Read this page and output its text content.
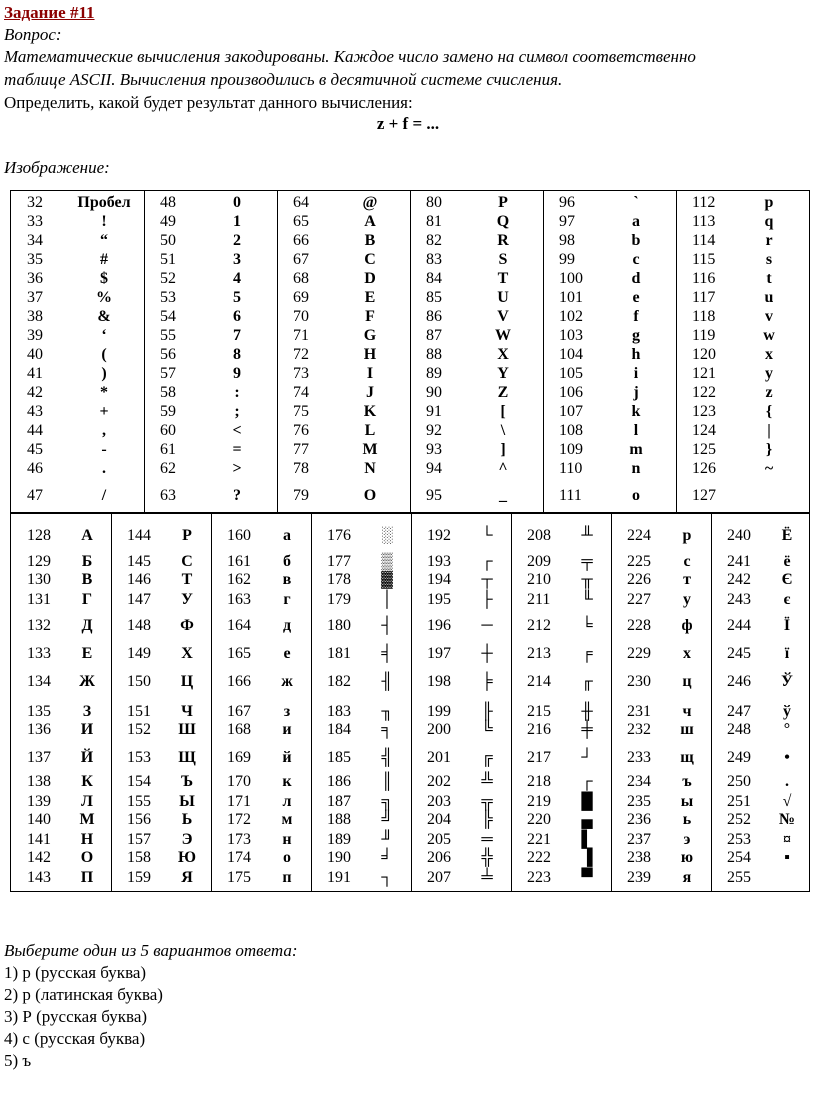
Задание #11
Вопрос:
Математические вычисления закодированы. Каждое число замено на символ соответственно
таблице ASCII. Вычисления производились в десятичной системе счисления.
Определить, какой будет результат данного вычисления:
z + f = ...
Изображение:
32 Пробел
33	!
34	“
35	#
36	$
37	%
38	&
39	‘
40	(
41	)
42	*
43	+
44	,
45	-
46	.
47	/
48	0
49	1
50	2
51	3
52	4
53	5
54	6
55	7
56	8
57	9
58	:
59	;
60	<
61	=
62	>
63	?
64	@
65	A
66	B
67	C
68	D
69	E
70	F
71	G
72	H
73	I
74	J
75	K
76	L
77	M
78	N
79	O
80	P
81	Q
82	R
83	S
84	T
85	U
86	V
87	W
88	X
89	Y
90	Z
91	[
92	\
93	]
94	^
95	_
96	`
97	a
98	b
99	c
100	d
101	e
102	f
103	g
104	h
105	i
106	j
107	k
108	l
109	m
110	n
111	o
112	p
113	q
114	r
115	s
116	t
117	u
118	v
119	w
120	x
121	y
122	z
123	{
124	|
125	}
126	~
127
128	А
129	Б
130	В
131	Г
132	Д
133	Е
134	Ж
135	З
136	И
137	Й
138	К
139	Л
140	М
141	Н
142	О
143	П
144	Р
145	С
146	Т
147	У
148	Ф
149	Х
150	Ц
151	Ч
152	Ш
153	Щ
154	Ъ
155	Ы
156	Ь
157	Э
158	Ю
159	Я
160	а
161	б
162	в
163	г
164	д
165	е
166	ж
167	з
168	и
169	й
170	к
171	л
172	м
173	н
174	о
175	п
176	░
177	▒
178	▓
179	│
180	┤
181	╡
182	╢
183	╖
184	╕
185	╣
186	║
187	╗
188	╝
189	╜
190	╛
191	┐
192	└
193	┌
194	┬
195	├
196	─
197	┼
198	╞
199	╟
200	╚
201	╔
202	╩
203	╦
204	╠
205	═
206	╬
207	╧
208	╨
209	╤
210	╥
211	╙
212	╘
213	╒
214	╓
215	╫
216	╪
217	┘
218	┌
219	█
220	▄
221	▌
222	▐
223	▀
224	р
225	с
226	т
227	у
228	ф
229	х
230	ц
231	ч
232	ш
233	щ
234	ъ
235	ы
236	ь
237	э
238	ю
239	я
240	Ё
241	ё
242	Є
243	є
244	Ї
245	ї
246	Ў
247	ў
248	°
249	•
250	.
251	√
252	№
253	¤
254	▪
255
Выберите один из 5 вариантов ответа:
1) р (русская буква)
2) p (латинская буква)
3) Р (русская буква)
4) с (русская буква)
5) ъ
